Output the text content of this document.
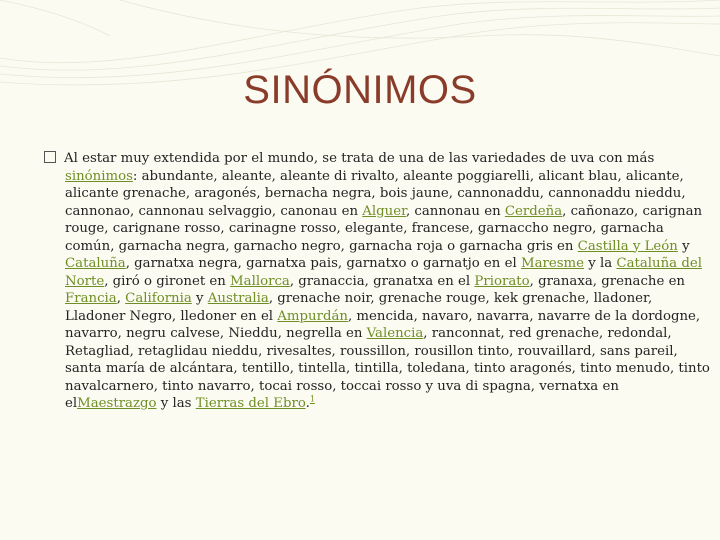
SINÓNIMOS
Al estar muy extendida por el mundo, se trata de una de las variedades de uva con más sinónimos: abundante, aleante, aleante di rivalto, aleante poggiarelli, alicant blau, alicante, alicante grenache, aragonés, bernacha negra, bois jaune, cannonaddu, cannonaddu nieddu, cannonao, cannonau selvaggio, canonau en Alguer, cannonau en Cerdeña, cañonazo, carignan rouge, carignane rosso, carinagne rosso, elegante, francese, garnaccho negro, garnacha común, garnacha negra, garnacho negro, garnacha roja o garnacha gris en Castilla y León y Cataluña, garnatxa negra, garnatxa pais, garnatxo o garnatjo en el Maresme y la Cataluña del Norte, giró o gironet en Mallorca, granaccia, granatxa en el Priorato, granaxa, grenache en Francia, California y Australia, grenache noir, grenache rouge, kek grenache, lladoner, Lladoner Negro, lledoner en el Ampurdán, mencida, navaro, navarra, navarre de la dordogne, navarro, negru calvese, Nieddu, negrella en Valencia, ranconnat, red grenache, redondal, Retagliad, retaglidau nieddu, rivesaltes, roussillon, rousillon tinto, rouvaillard, sans pareil, santa maría de alcántara, tentillo, tintella, tintilla, toledana, tinto aragonés, tinto menudo, tinto navalcarnero, tinto navarro, tocai rosso, toccai rosso y uva di spagna, vernatxa en elMaestrazgo y las Tierras del Ebro.$^1$
